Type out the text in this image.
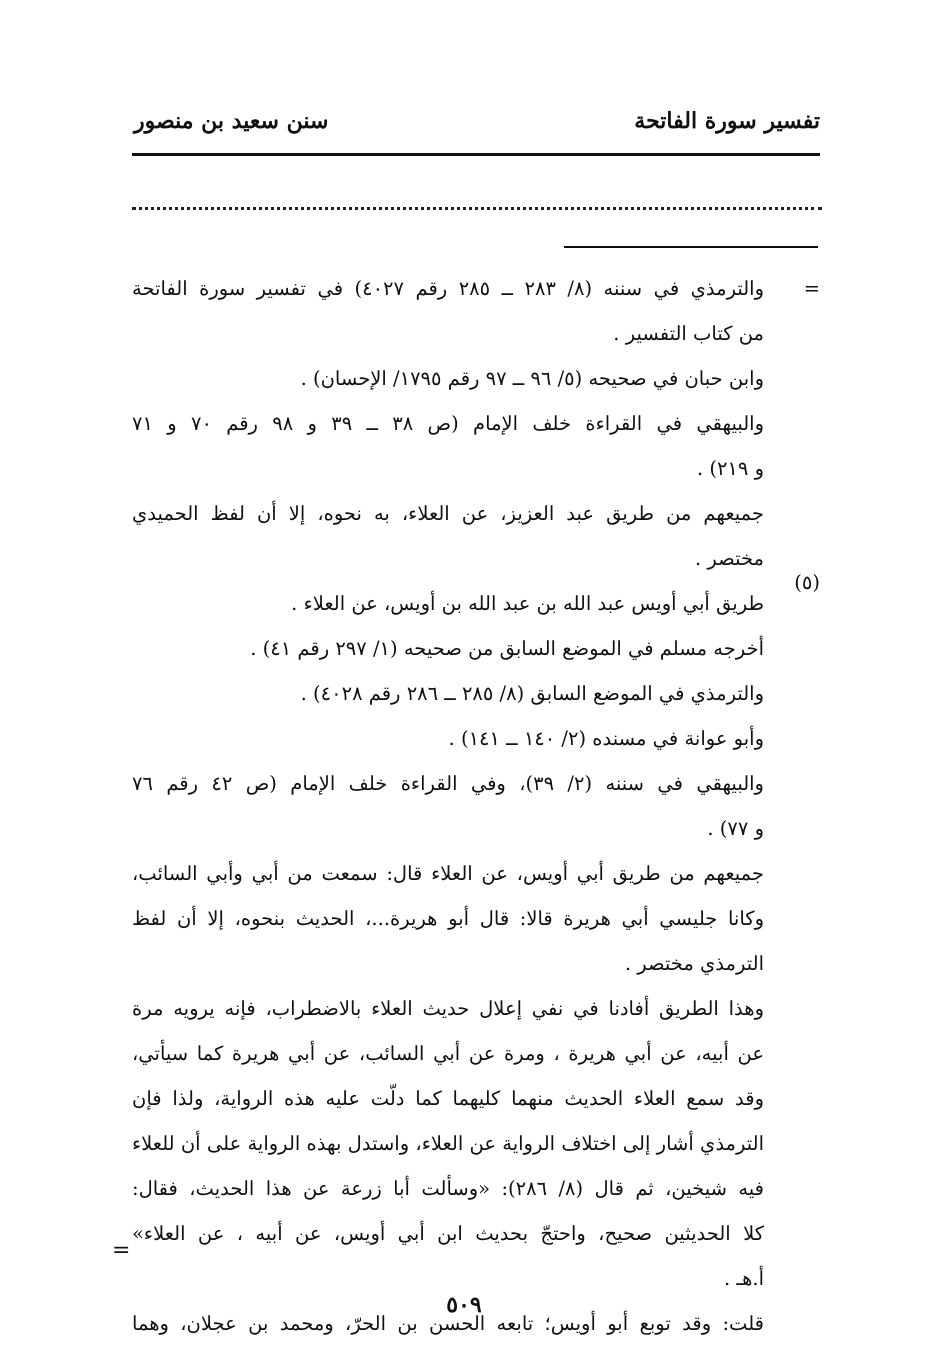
تفسير سورة الفاتحة
سنن سعيد بن منصور
=
(٥)
=
والترمذي في سننه (٨/ ٢٨٣ ــ ٢٨٥ رقم ٤٠٢٧) في تفسير سورة الفاتحة
من كتاب التفسير .
وابن حبان في صحيحه (٥/ ٩٦ ــ ٩٧ رقم ١٧٩٥/ الإحسان) .
والبيهقي في القراءة خلف الإمام (ص ٣٨ ــ ٣٩ و ٩٨ رقم ٧٠ و ٧١
و ٢١٩) .
جميعهم من طريق عبد العزيز، عن العلاء، به نحوه، إلا أن لفظ الحميدي
مختصر .
طريق أبي أويس عبد الله بن عبد الله بن أويس، عن العلاء .
أخرجه مسلم في الموضع السابق من صحيحه (١/ ٢٩٧ رقم ٤١) .
والترمذي في الموضع السابق (٨/ ٢٨٥ ــ ٢٨٦ رقم ٤٠٢٨) .
وأبو عوانة في مسنده (٢/ ١٤٠ ــ ١٤١) .
والبيهقي في سننه (٢/ ٣٩)، وفي القراءة خلف الإمام (ص ٤٢ رقم ٧٦
و ٧٧) .
جميعهم من طريق أبي أويس، عن العلاء قال: سمعت من أبي وأبي السائب،
وكانا جليسي أبي هريرة قالا: قال أبو هريرة...، الحديث بنحوه، إلا أن لفظ
الترمذي مختصر .
وهذا الطريق أفادنا في نفي إعلال حديث العلاء بالاضطراب، فإنه يرويه مرة
عن أبيه، عن أبي هريرة ، ومرة عن أبي السائب، عن أبي هريرة كما سيأتي،
وقد سمع العلاء الحديث منهما كليهما كما دلّت عليه هذه الرواية، ولذا فإن
الترمذي أشار إلى اختلاف الرواية عن العلاء، واستدل بهذه الرواية على أن للعلاء
فيه شيخين، ثم قال (٨/ ٢٨٦): «وسألت أبا زرعة عن هذا الحديث، فقال:
كلا الحديثين صحيح، واحتجّ بحديث ابن أبي أويس، عن أبيه ، عن العلاء»
أ.هـ .
قلت: وقد توبع أبو أويس؛ تابعه الحسن بن الحرّ، ومحمد بن عجلان، وهما
٥٠٩
